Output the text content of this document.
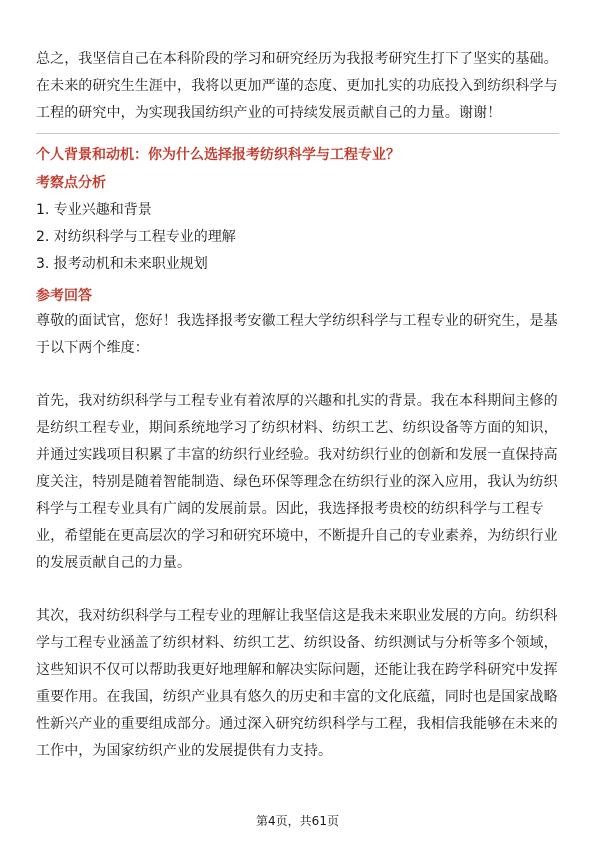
总之，我坚信自己在本科阶段的学习和研究经历为我报考研究生打下了坚实的基础。在未来的研究生生涯中，我将以更加严谨的态度、更加扎实的功底投入到纺织科学与工程的研究中，为实现我国纺织产业的可持续发展贡献自己的力量。谢谢！

个人背景和动机：你为什么选择报考纺织科学与工程专业？

考察点分析

1. 专业兴趣和背景

2. 对纺织科学与工程专业的理解

3. 报考动机和未来职业规划

参考回答

尊敬的面试官，您好！我选择报考安徽工程大学纺织科学与工程专业的研究生，是基于以下两个维度：

首先，我对纺织科学与工程专业有着浓厚的兴趣和扎实的背景。我在本科期间主修的是纺织工程专业，期间系统地学习了纺织材料、纺织工艺、纺织设备等方面的知识，并通过实践项目积累了丰富的纺织行业经验。我对纺织行业的创新和发展一直保持高度关注，特别是随着智能制造、绿色环保等理念在纺织行业的深入应用，我认为纺织科学与工程专业具有广阔的发展前景。因此，我选择报考贵校的纺织科学与工程专业，希望能在更高层次的学习和研究环境中，不断提升自己的专业素养，为纺织行业的发展贡献自己的力量。

其次，我对纺织科学与工程专业的理解让我坚信这是我未来职业发展的方向。纺织科学与工程专业涵盖了纺织材料、纺织工艺、纺织设备、纺织测试与分析等多个领域，这些知识不仅可以帮助我更好地理解和解决实际问题，还能让我在跨学科研究中发挥重要作用。在我国，纺织产业具有悠久的历史和丰富的文化底蕴，同时也是国家战略性新兴产业的重要组成部分。通过深入研究纺织科学与工程，我相信我能够在未来的工作中，为国家纺织产业的发展提供有力支持。

第4页，共61页
